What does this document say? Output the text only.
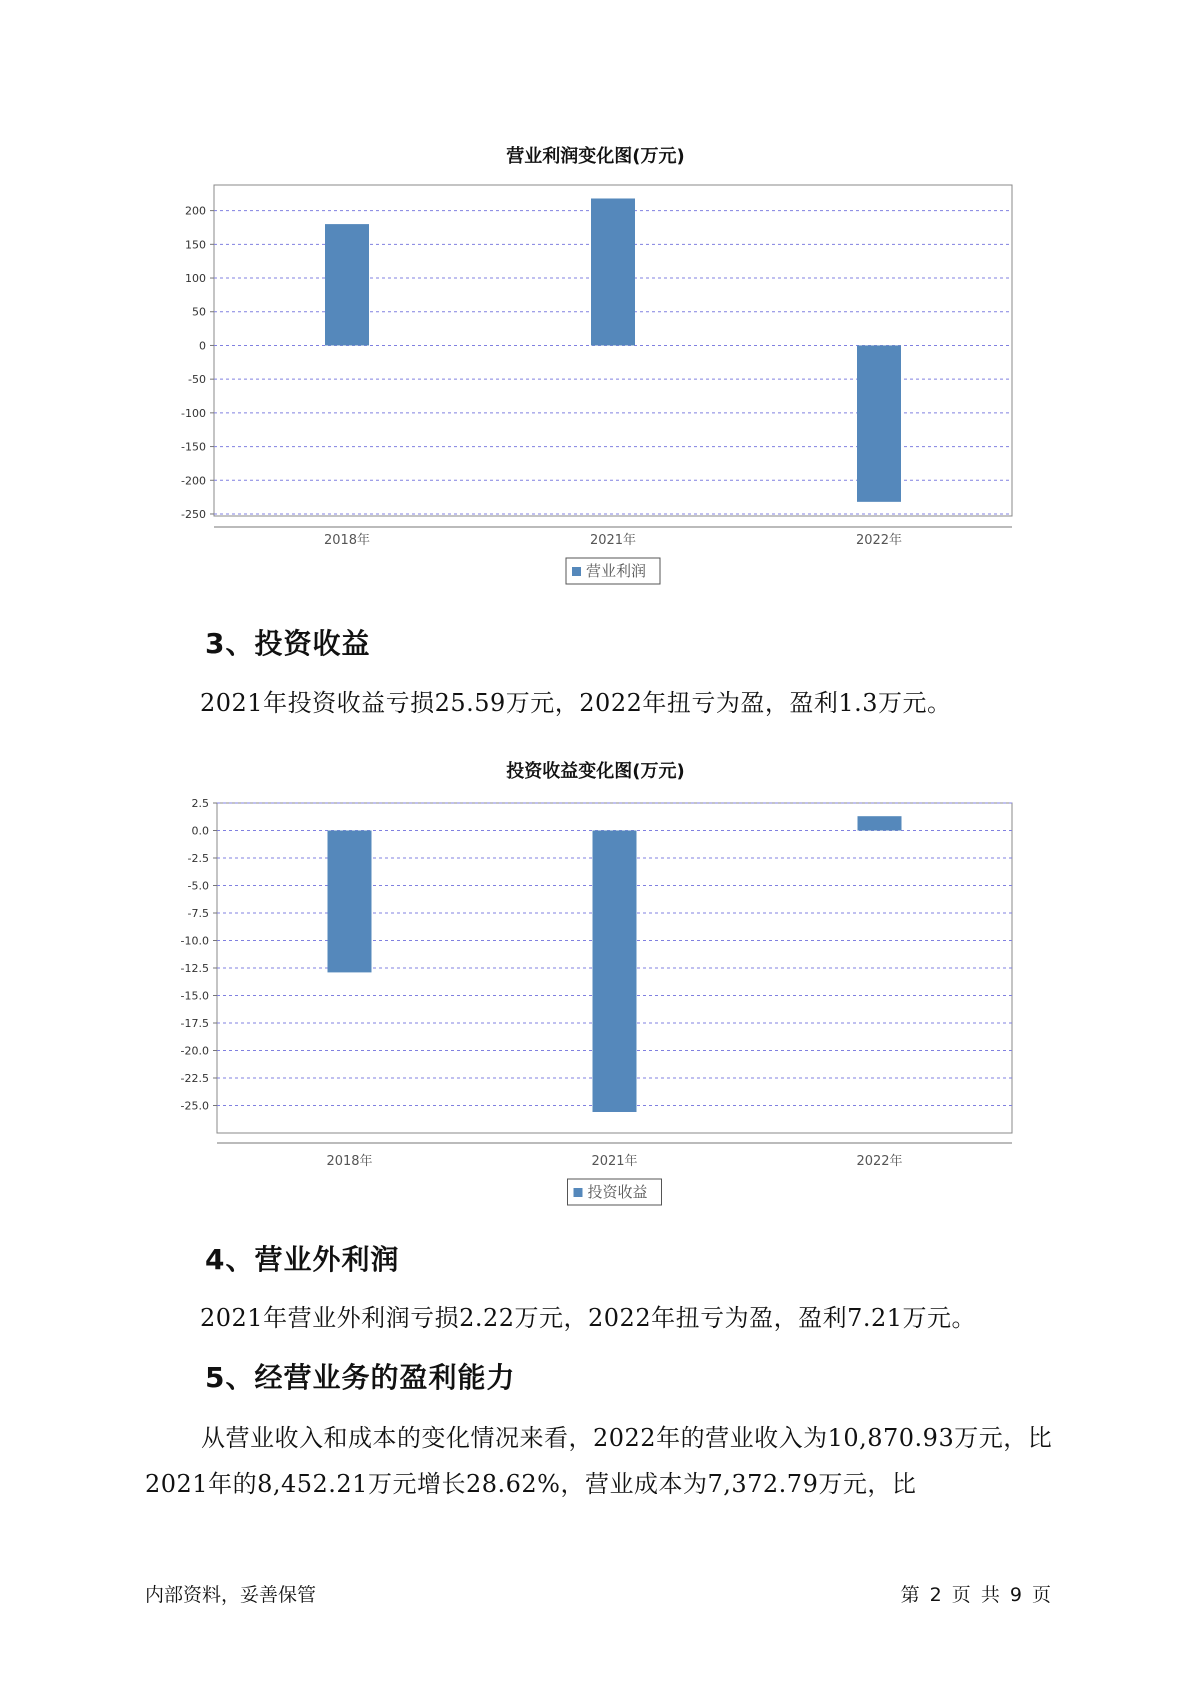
营业利润变化图(万元)
200
150
100
50
0
-50
-100
-150
-200
-250
2018年	2021年	2022年
营业利润
3、投资收益
2021年投资收益亏损25.59万元，2022年扭亏为盈，盈利1.3万元。
投资收益变化图(万元)
2.5
0.0
-2.5
-5.0
-7.5
-10.0
-12.5
-15.0
-17.5
-20.0
-22.5
-25.0
2018年	2021年	2022年
投资收益
4、营业外利润
2021年营业外利润亏损2.22万元，2022年扭亏为盈，盈利7.21万元。
5、经营业务的盈利能力
从营业收入和成本的变化情况来看，2022年的营业收入为10,870.93万元，比2021年的8,452.21万元增长28.62%，营业成本为7,372.79万元，比
内部资料，妥善保管	第 2 页 共 9 页
